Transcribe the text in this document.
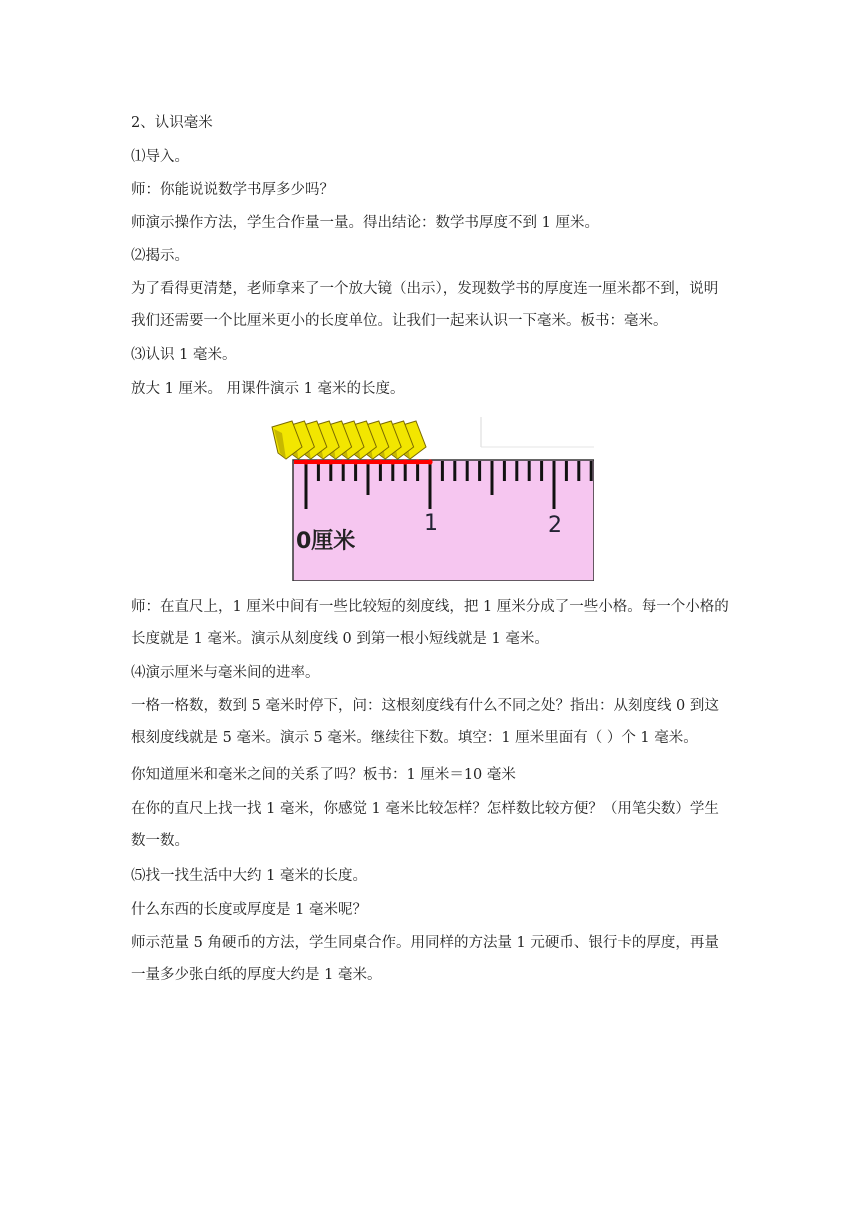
2、认识毫米
⑴导入。
师：你能说说数学书厚多少吗？
师演示操作方法，学生合作量一量。得出结论：数学书厚度不到 1 厘米。
⑵揭示。
为了看得更清楚，老师拿来了一个放大镜（出示），发现数学书的厚度连一厘米都不到，说明我们还需要一个比厘米更小的长度单位。让我们一起来认识一下毫米。板书：毫米。
⑶认识 1 毫米。
放大 1 厘米。 用课件演示 1 毫米的长度。
0厘米
1	2
师：在直尺上，1 厘米中间有一些比较短的刻度线，把 1 厘米分成了一些小格。每一个小格的长度就是 1 毫米。演示从刻度线 0 到第一根小短线就是 1 毫米。
⑷演示厘米与毫米间的进率。
一格一格数，数到 5 毫米时停下，问：这根刻度线有什么不同之处？指出：从刻度线 0 到这根刻度线就是 5 毫米。演示 5 毫米。继续往下数。填空：1 厘米里面有（ ）个 1 毫米。
你知道厘米和毫米之间的关系了吗？板书：1 厘米＝10 毫米
在你的直尺上找一找 1 毫米，你感觉 1 毫米比较怎样？怎样数比较方便？（用笔尖数）学生数一数。
⑸找一找生活中大约 1 毫米的长度。
什么东西的长度或厚度是 1 毫米呢？
师示范量 5 角硬币的方法，学生同桌合作。用同样的方法量 1 元硬币、银行卡的厚度，再量一量多少张白纸的厚度大约是 1 毫米。
